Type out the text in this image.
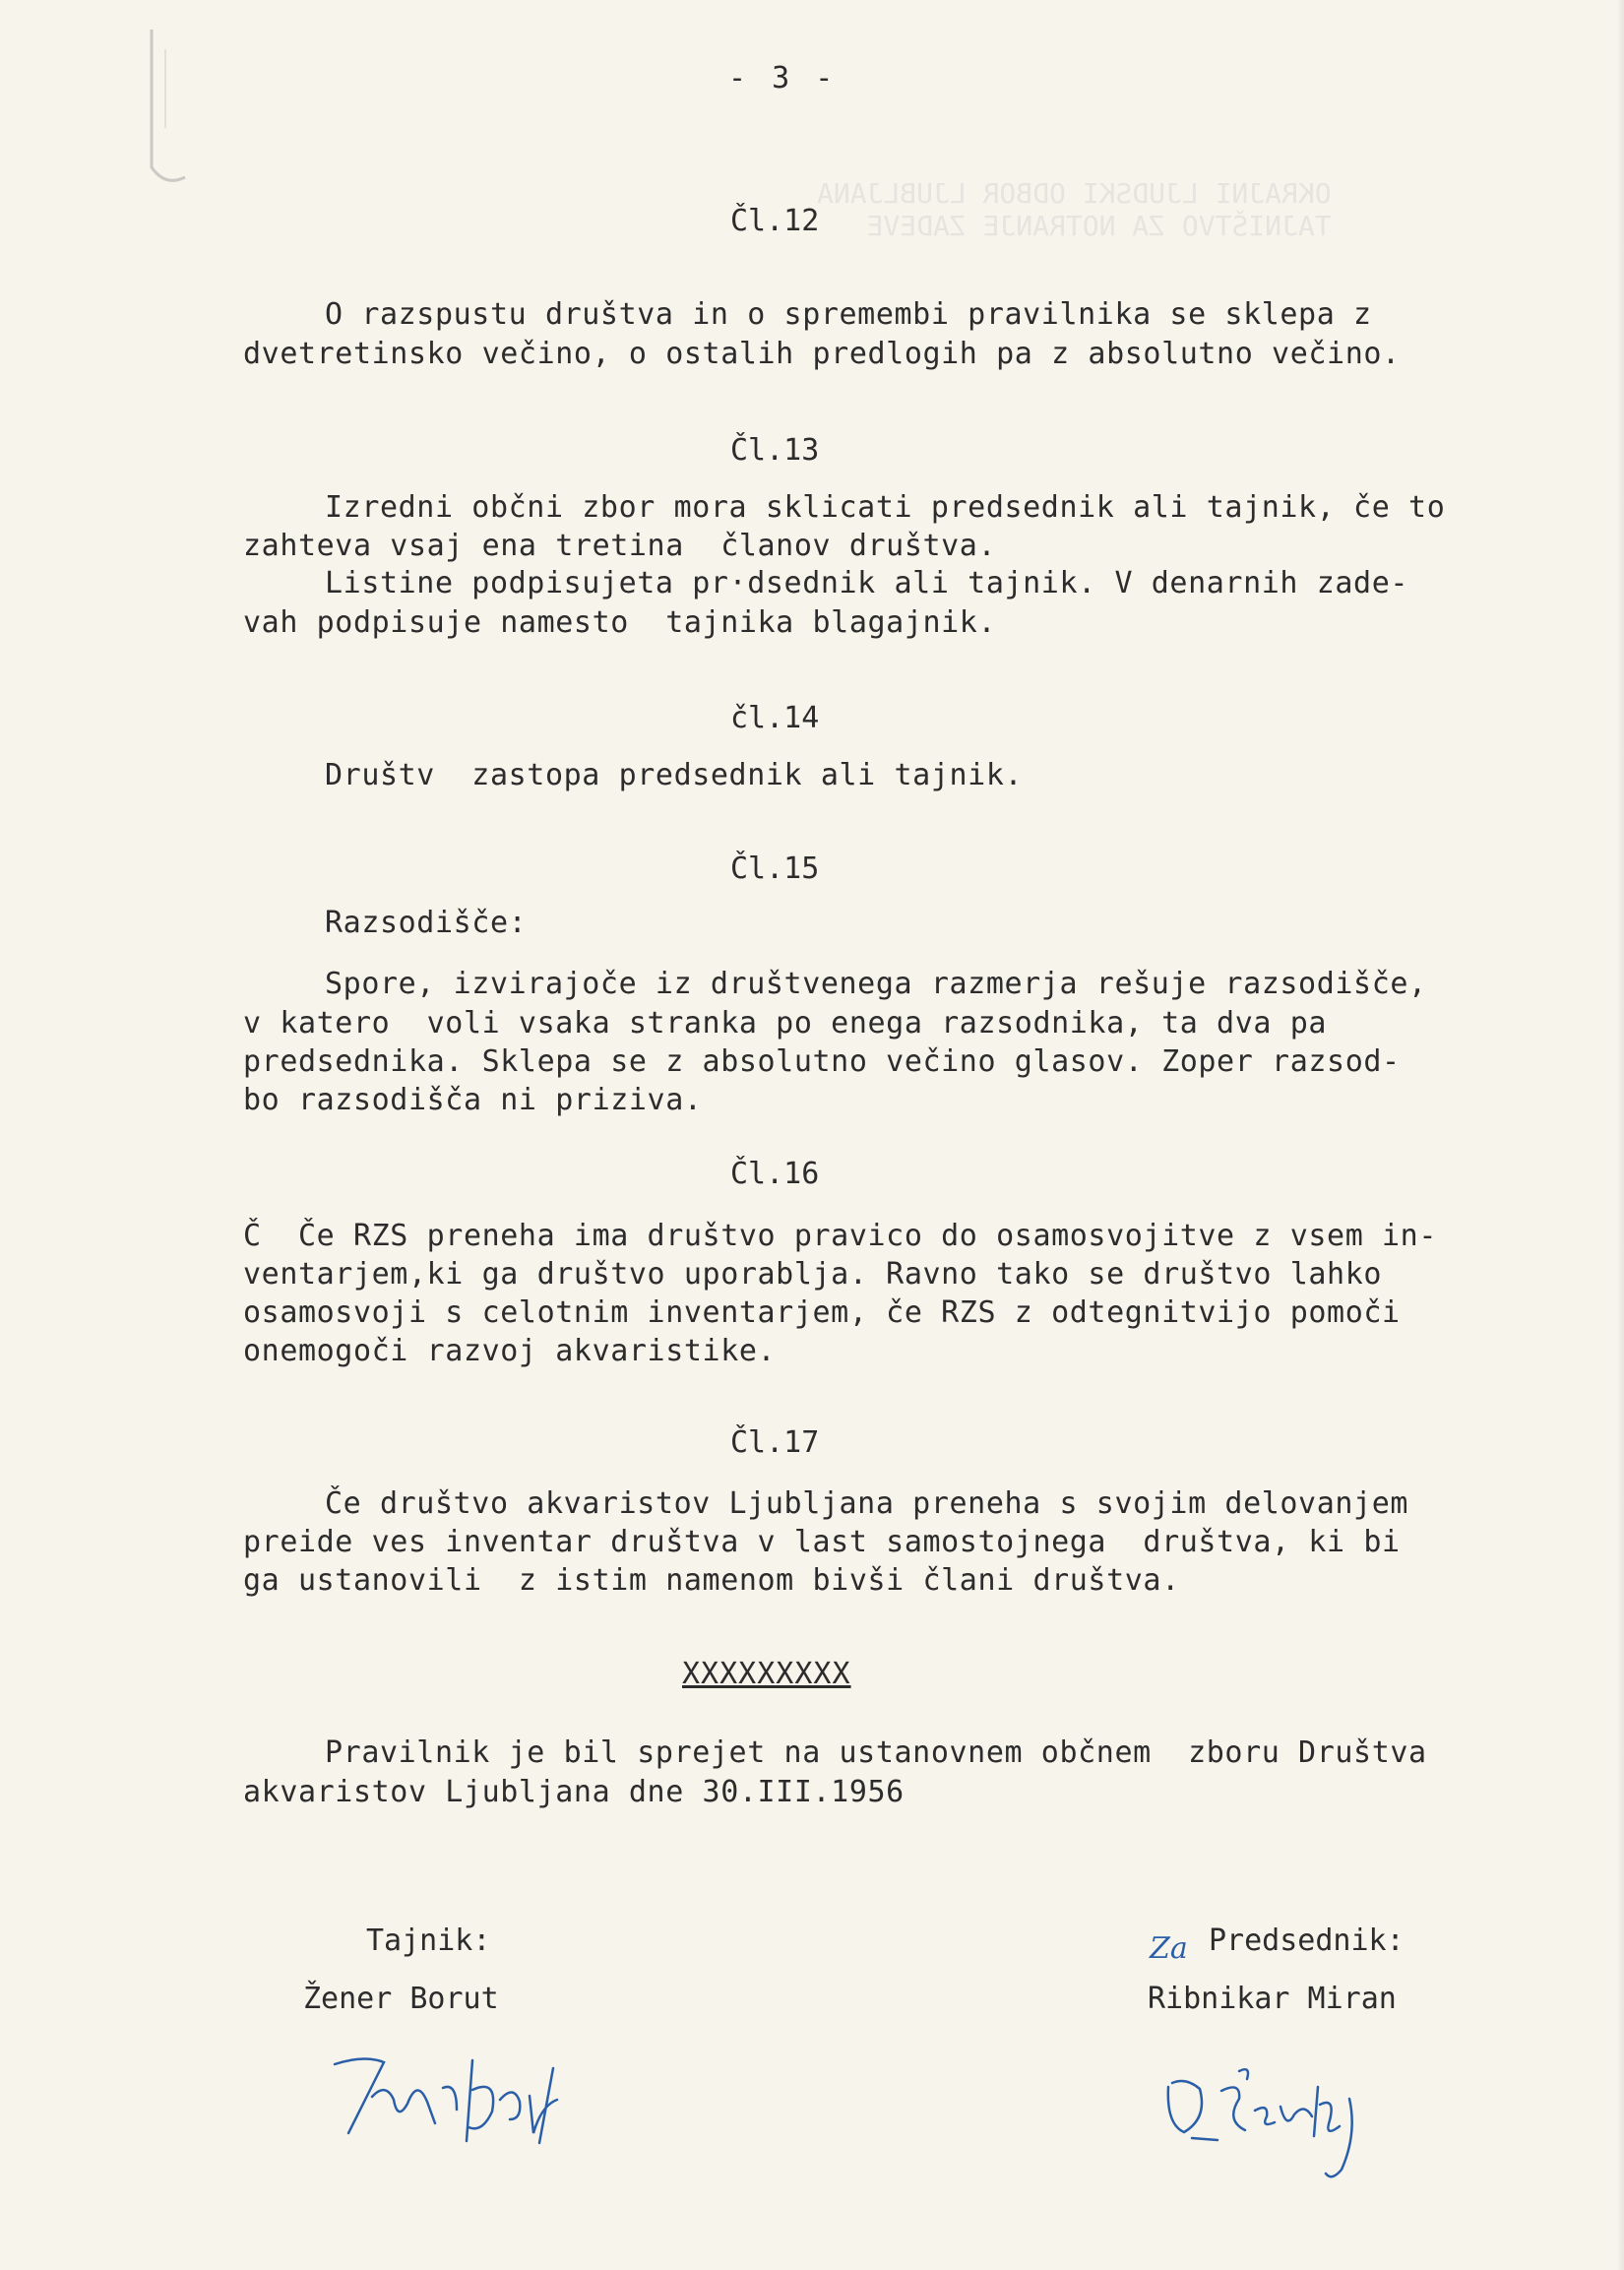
OKRAJNI LJUDSKI ODBOR LJUBLJANA
TAJNIŠTVO ZA NOTRANJE ZADEVE
- 3 -
Čl.12
O razspustu društva in o spremembi pravilnika se sklepa z
dvetretinsko večino, o ostalih predlogih pa z absolutno večino.
Čl.13
Izredni občni zbor mora sklicati predsednik ali tajnik, če to
zahteva vsaj ena tretina  članov društva.
Listine podpisujeta pr·dsednik ali tajnik. V denarnih zade-
vah podpisuje namesto  tajnika blagajnik.
čl.14
Društv  zastopa predsednik ali tajnik.
Čl.15
Razsodišče:
Spore, izvirajoče iz društvenega razmerja rešuje razsodišče,
v katero  voli vsaka stranka po enega razsodnika, ta dva pa
predsednika. Sklepa se z absolutno večino glasov. Zoper razsod-
bo razsodišča ni priziva.
Čl.16
Č  Če RZS preneha ima društvo pravico do osamosvojitve z vsem in-
ventarjem,ki ga društvo uporablja. Ravno tako se društvo lahko
osamosvoji s celotnim inventarjem, če RZS z odtegnitvijo pomoči
onemogoči razvoj akvaristike.
Čl.17
Če društvo akvaristov Ljubljana preneha s svojim delovanjem
preide ves inventar društva v last samostojnega  društva, ki bi
ga ustanovili  z istim namenom bivši člani društva.
XXXXXXXXX
Pravilnik je bil sprejet na ustanovnem občnem  zboru Društva
akvaristov Ljubljana dne 30.III.1956
Tajnik:
Žener Borut
Za Predsednik:
Ribnikar Miran
